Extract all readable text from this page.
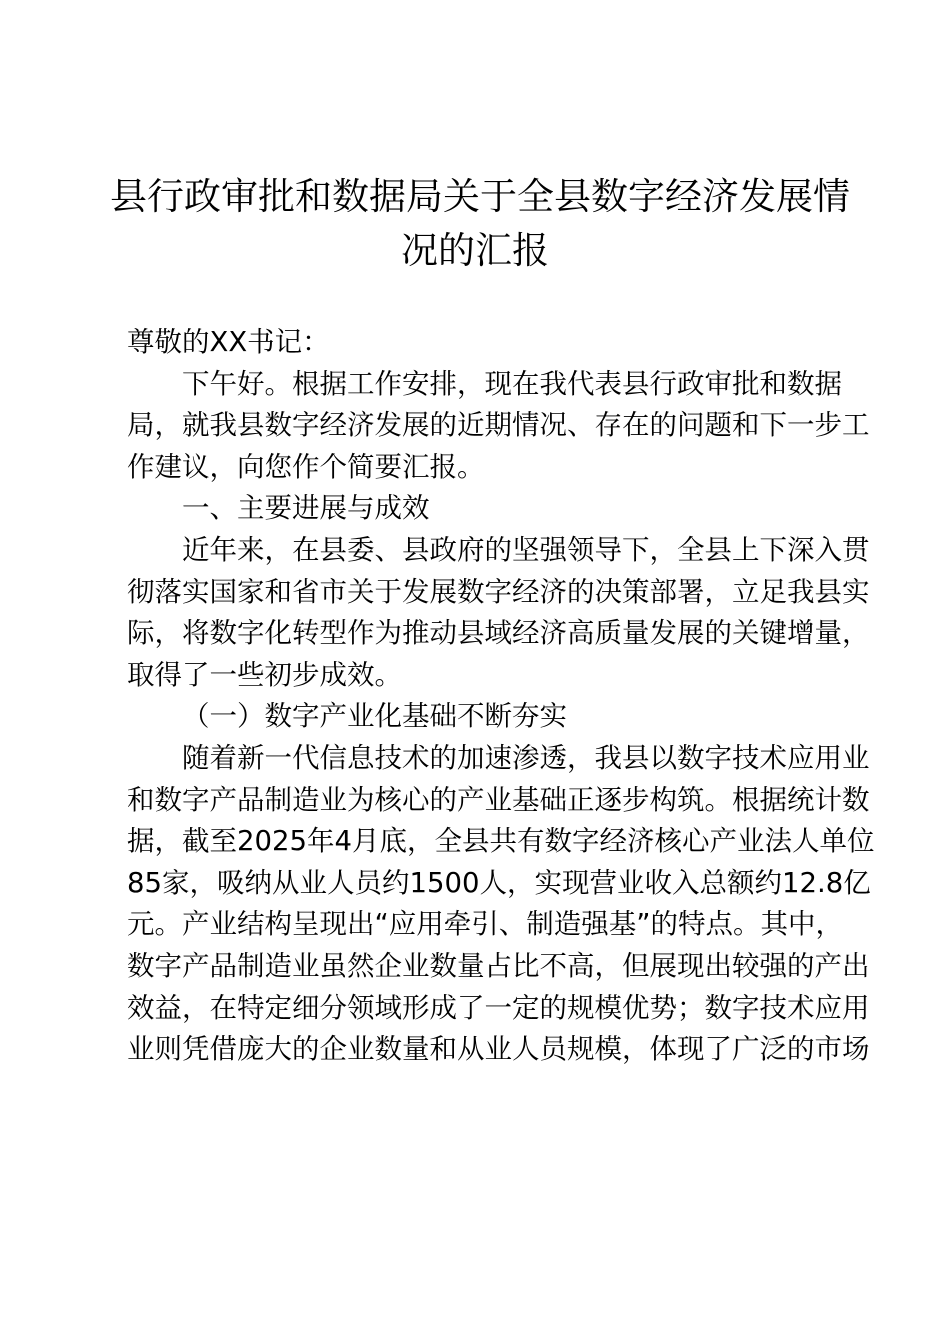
县行政审批和数据局关于全县数字经济发展情
况的汇报

尊敬的XX书记：

下午好。根据工作安排，现在我代表县行政审批和数据
局，就我县数字经济发展的近期情况、存在的问题和下一步工
作建议，向您作个简要汇报。

一、主要进展与成效

近年来，在县委、县政府的坚强领导下，全县上下深入贯
彻落实国家和省市关于发展数字经济的决策部署，立足我县实
际，将数字化转型作为推动县域经济高质量发展的关键增量，
取得了一些初步成效。

（一）数字产业化基础不断夯实

随着新一代信息技术的加速渗透，我县以数字技术应用业
和数字产品制造业为核心的产业基础正逐步构筑。根据统计数
据，截至2025年4月底，全县共有数字经济核心产业法人单位
85家，吸纳从业人员约1500人，实现营业收入总额约12.8亿
元。产业结构呈现出“应用牵引、制造强基”的特点。其中，
数字产品制造业虽然企业数量占比不高，但展现出较强的产出
效益，在特定细分领域形成了一定的规模优势；数字技术应用
业则凭借庞大的企业数量和从业人员规模，体现了广泛的市场
